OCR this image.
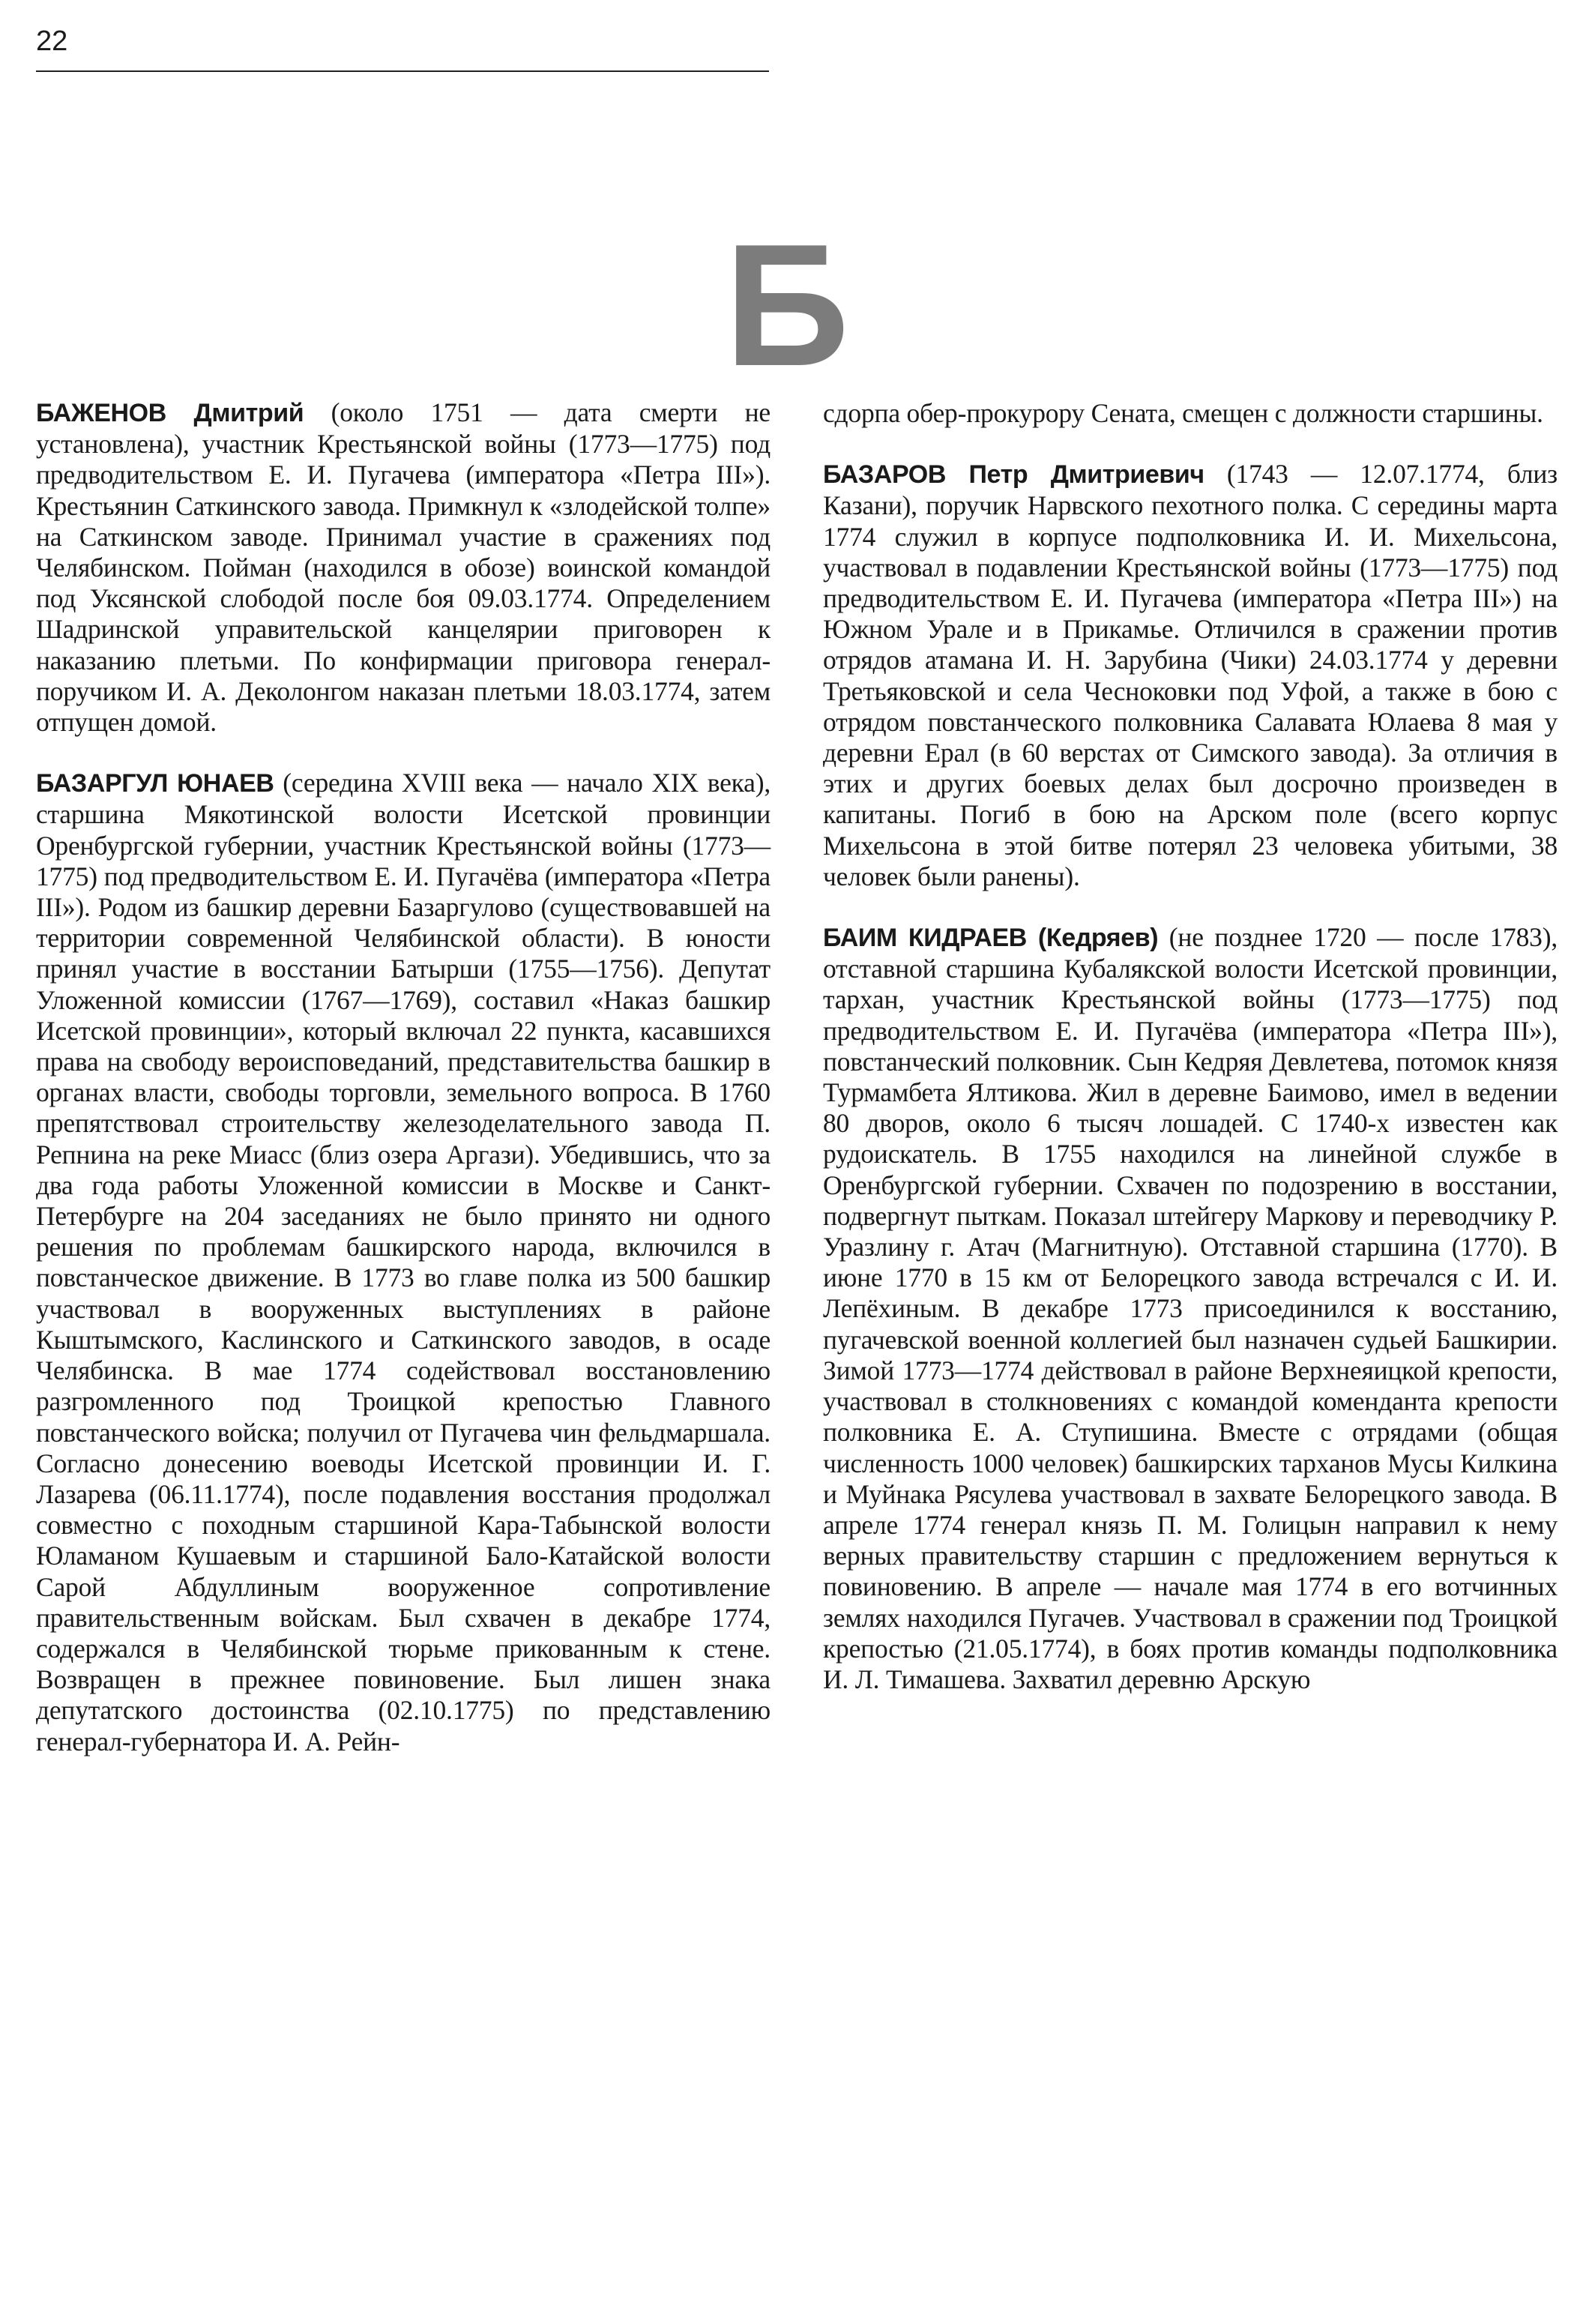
22
Б

БАЖЕНОВ Дмитрий (около 1751 — дата смерти не установлена), участник Крестьянской войны (1773—1775) под предводительством Е. И. Пугачева (императора «Петра III»). Крестьянин Саткинского завода. Примкнул к «злодейской толпе» на Саткинском заводе. Принимал участие в сражениях под Челябинском. Пойман (находился в обозе) воинской командой под Уксянской слободой после боя 09.03.1774. Определением Шадринской управительской канцелярии приговорен к наказанию плетьми. По конфирмации приговора генерал-поручиком И. А. Деколонгом наказан плетьми 18.03.1774, затем отпущен домой.

БАЗАРГУЛ ЮНАЕВ (середина XVIII века — начало XIX века), старшина Мякотинской волости Исетской провинции Оренбургской губернии, участник Крестьянской войны (1773—1775) под предводительством Е. И. Пугачёва (императора «Петра III»). Родом из башкир деревни Базаргулово (существовавшей на территории современной Челябинской области). В юности принял участие в восстании Батырши (1755—1756). Депутат Уложенной комиссии (1767—1769), составил «Наказ башкир Исетской провинции», который включал 22 пункта, касавшихся права на свободу вероисповеданий, представительства башкир в органах власти, свободы торговли, земельного вопроса. В 1760 препятствовал строительству железоделательного завода П. Репнина на реке Миасс (близ озера Аргази). Убедившись, что за два года работы Уложенной комиссии в Москве и Санкт-Петербурге на 204 заседаниях не было принято ни одного решения по проблемам башкирского народа, включился в повстанческое движение. В 1773 во главе полка из 500 башкир участвовал в вооруженных выступлениях в районе Кыштымского, Каслинского и Саткинского заводов, в осаде Челябинска. В мае 1774 содействовал восстановлению разгромленного под Троицкой крепостью Главного повстанческого войска; получил от Пугачева чин фельдмаршала. Согласно донесению воеводы Исетской провинции И. Г. Лазарева (06.11.1774), после подавления восстания продолжал совместно с походным старшиной Кара-Табынской волости Юламаном Кушаевым и старшиной Бало-Катайской волости Сарой Абдуллиным вооруженное сопротивление правительственным войскам. Был схвачен в декабре 1774, содержался в Челябинской тюрьме прикованным к стене. Возвращен в прежнее повиновение. Был лишен знака депутатского достоинства (02.10.1775) по представлению генерал-губернатора И. А. Рейн-

сдорпа обер-прокурору Сената, смещен с должности старшины.

БАЗАРОВ Петр Дмитриевич (1743 — 12.07.1774, близ Казани), поручик Нарвского пехотного полка. С середины марта 1774 служил в корпусе подполковника И. И. Михельсона, участвовал в подавлении Крестьянской войны (1773—1775) под предводительством Е. И. Пугачева (императора «Петра III») на Южном Урале и в Прикамье. Отличился в сражении против отрядов атамана И. Н. Зарубина (Чики) 24.03.1774 у деревни Третьяковской и села Чесноковки под Уфой, а также в бою с отрядом повстанческого полковника Салавата Юлаева 8 мая у деревни Ерал (в 60 верстах от Симского завода). За отличия в этих и других боевых делах был досрочно произведен в капитаны. Погиб в бою на Арском поле (всего корпус Михельсона в этой битве потерял 23 человека убитыми, 38 человек были ранены).

БАИМ КИДРАЕВ (Кедряев) (не позднее 1720 — после 1783), отставной старшина Кубалякской волости Исетской провинции, тархан, участник Крестьянской войны (1773—1775) под предводительством Е. И. Пугачёва (императора «Петра III»), повстанческий полковник. Сын Кедряя Девлетева, потомок князя Турмамбета Ялтикова. Жил в деревне Баимово, имел в ведении 80 дворов, около 6 тысяч лошадей. С 1740-х известен как рудоискатель. В 1755 находился на линейной службе в Оренбургской губернии. Схвачен по подозрению в восстании, подвергнут пыткам. Показал штейгеру Маркову и переводчику Р. Уразлину г. Атач (Магнитную). Отставной старшина (1770). В июне 1770 в 15 км от Белорецкого завода встречался с И. И. Лепёхиным. В декабре 1773 присоединился к восстанию, пугачевской военной коллегией был назначен судьей Башкирии. Зимой 1773—1774 действовал в районе Верхнеяицкой крепости, участвовал в столкновениях с командой коменданта крепости полковника Е. А. Ступишина. Вместе с отрядами (общая численность 1000 человек) башкирских тарханов Мусы Килкина и Муйнака Рясулева участвовал в захвате Белорецкого завода. В апреле 1774 генерал князь П. М. Голицын направил к нему верных правительству старшин с предложением вернуться к повиновению. В апреле — начале мая 1774 в его вотчинных землях находился Пугачев. Участвовал в сражении под Троицкой крепостью (21.05.1774), в боях против команды подполковника И. Л. Тимашева. Захватил деревню Арскую
